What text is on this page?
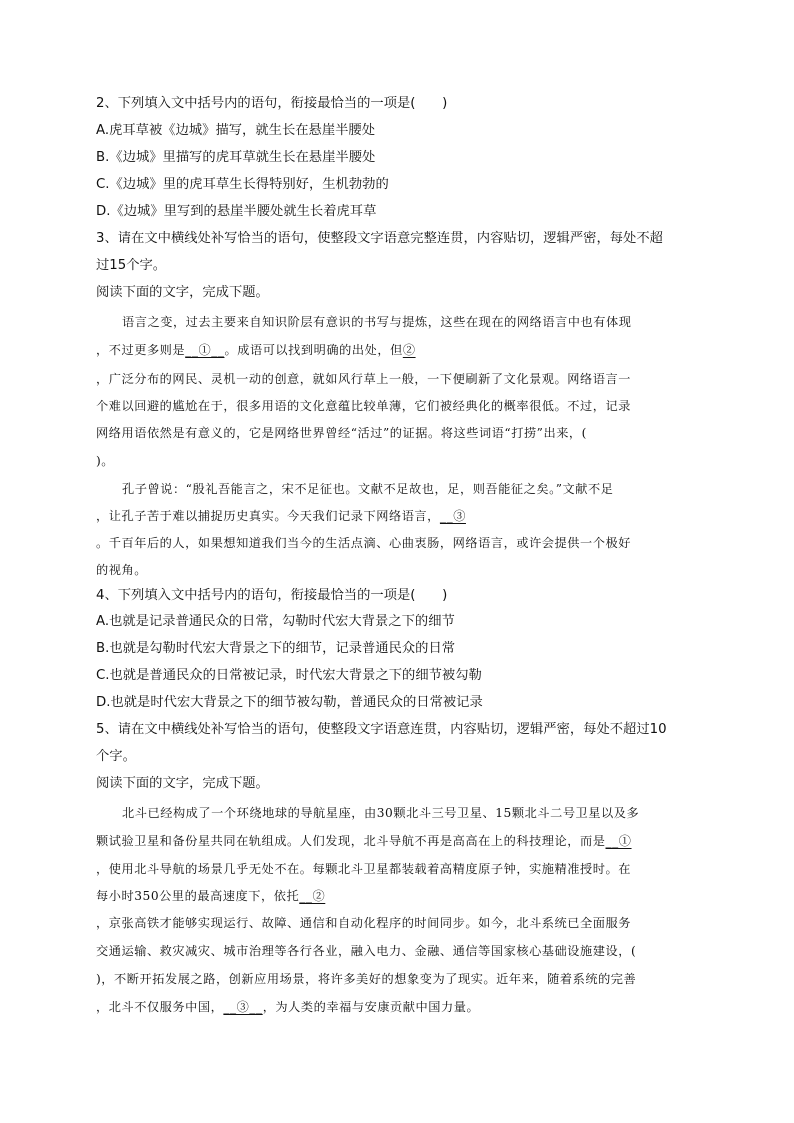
2、下列填入文中括号内的语句，衔接最恰当的一项是(　　)
A.虎耳草被《边城》描写，就生长在悬崖半腰处
B.《边城》里描写的虎耳草就生长在悬崖半腰处
C.《边城》里的虎耳草生长得特别好，生机勃勃的
D.《边城》里写到的悬崖半腰处就生长着虎耳草
3、请在文中横线处补写恰当的语句，使整段文字语意完整连贯，内容贴切，逻辑严密，每处不超
过15个字。
阅读下面的文字，完成下题。
语言之变，过去主要来自知识阶层有意识的书写与提炼，这些在现在的网络语言中也有体现
，不过更多则是__①__。成语可以找到明确的出处，但②
，广泛分布的网民、灵机一动的创意，就如风行草上一般，一下便刷新了文化景观。网络语言一
个难以回避的尴尬在于，很多用语的文化意蕴比较单薄，它们被经典化的概率很低。不过，记录
网络用语依然是有意义的，它是网络世界曾经“活过”的证据。将这些词语“打捞”出来，(
)。
孔子曾说：“殷礼吾能言之，宋不足征也。文献不足故也，足，则吾能征之矣。”文献不足
，让孔子苦于难以捕捉历史真实。今天我们记录下网络语言，__③
。千百年后的人，如果想知道我们当今的生活点滴、心曲衷肠，网络语言，或许会提供一个极好
的视角。
4、下列填入文中括号内的语句，衔接最恰当的一项是(　　)
A.也就是记录普通民众的日常，勾勒时代宏大背景之下的细节
B.也就是勾勒时代宏大背景之下的细节，记录普通民众的日常
C.也就是普通民众的日常被记录，时代宏大背景之下的细节被勾勒
D.也就是时代宏大背景之下的细节被勾勒，普通民众的日常被记录
5、请在文中横线处补写恰当的语句，使整段文字语意连贯，内容贴切，逻辑严密，每处不超过10
个字。
阅读下面的文字，完成下题。
北斗已经构成了一个环绕地球的导航星座，由30颗北斗三号卫星、15颗北斗二号卫星以及多
颗试验卫星和备份星共同在轨组成。人们发现，北斗导航不再是高高在上的科技理论，而是__①
，使用北斗导航的场景几乎无处不在。每颗北斗卫星都装载着高精度原子钟，实施精准授时。在
每小时350公里的最高速度下，依托__②
，京张高铁才能够实现运行、故障、通信和自动化程序的时间同步。如今，北斗系统已全面服务
交通运输、救灾减灾、城市治理等各行各业，融入电力、金融、通信等国家核心基础设施建设，(
)，不断开拓发展之路，创新应用场景，将许多美好的想象变为了现实。近年来，随着系统的完善
，北斗不仅服务中国，__③__，为人类的幸福与安康贡献中国力量。
